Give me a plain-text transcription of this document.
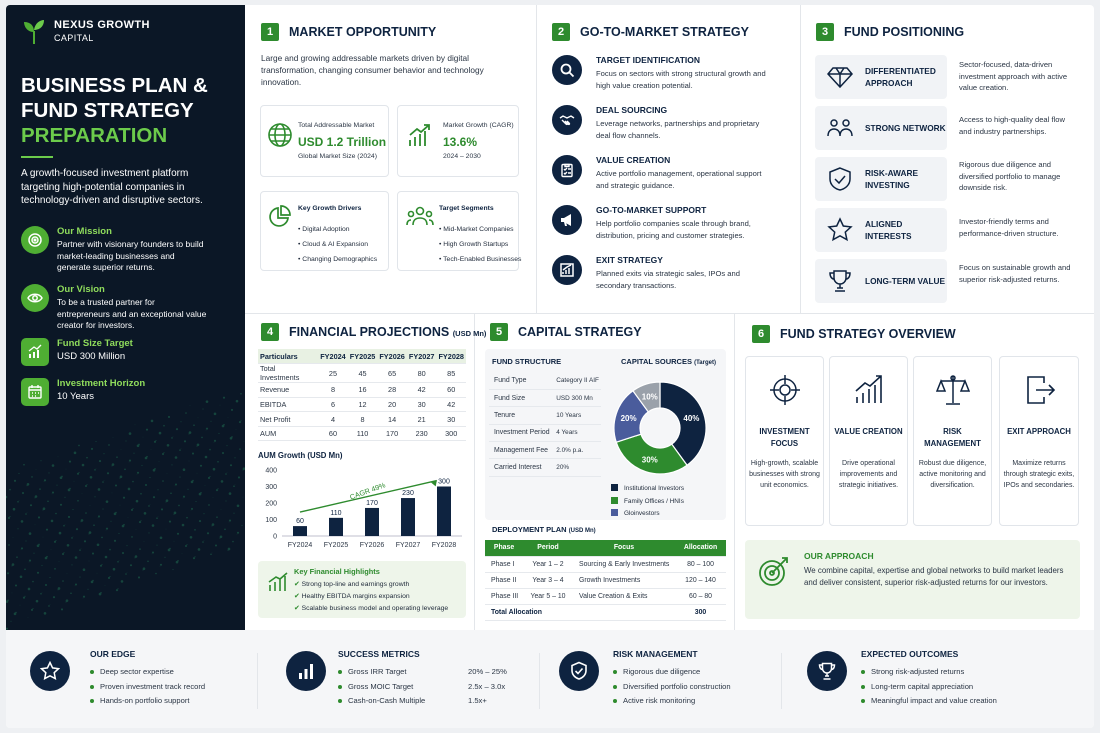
NEXUS GROWTH
CAPITAL
BUSINESS PLAN &
FUND STRATEGY
PREPARATION
A growth-focused investment platform targeting high-potential companies in technology-driven and disruptive sectors.
Our Mission
Partner with visionary founders to build market-leading businesses and generate superior returns.
Our Vision
To be a trusted partner for entrepreneurs and an exceptional value creator for investors.
Fund Size Target
USD 300 Million
Investment Horizon
10 Years
1	MARKET OPPORTUNITY
Large and growing addressable markets driven by digital transformation, changing consumer behavior and technology innovation.
Total Addressable Market
USD 1.2 Trillion
Global Market Size (2024)
Market Growth (CAGR)
13.6%
2024 – 2030
Key Growth Drivers
• Digital Adoption
• Cloud & AI Expansion
• Changing Demographics
Target Segments
• Mid-Market Companies
• High Growth Startups
• Tech-Enabled Businesses
2	GO-TO-MARKET STRATEGY
TARGET IDENTIFICATION
Focus on sectors with strong structural growth and high value creation potential.
DEAL SOURCING
Leverage networks, partnerships and proprietary deal flow channels.
VALUE CREATION
Active portfolio management, operational support and strategic guidance.
GO-TO-MARKET SUPPORT
Help portfolio companies scale through brand, distribution, pricing and customer strategies.
EXIT STRATEGY
Planned exits via strategic sales, IPOs and secondary transactions.
3	FUND POSITIONING
DIFFERENTIATED APPROACH
Sector-focused, data-driven investment approach with active value creation.
STRONG NETWORK
Access to high-quality deal flow and industry partnerships.
RISK-AWARE INVESTING
Rigorous due diligence and diversified portfolio to manage downside risk.
ALIGNED INTERESTS
Investor-friendly terms and performance-driven structure.
LONG-TERM VALUE
Focus on sustainable growth and superior risk-adjusted returns.
4	FINANCIAL PROJECTIONS (USD Mn)
Particulars	FY2024	FY2025	FY2026	FY2027	FY2028
Total Investments	25	45	65	80	85
Revenue	8	16	28	42	60
EBITDA	6	12	20	30	42
Net Profit	4	8	14	21	30
AUM	60	110	170	230	300
AUM Growth (USD Mn)
0
100
200
300
400
60
FY2024
110
FY2025
170
FY2026
230
FY2027
300
FY2028
CAGR 49%
Key Financial Highlights
✔ Strong top-line and earnings growth
✔ Healthy EBITDA margins expansion
✔ Scalable business model and operating leverage
5	CAPITAL STRATEGY
FUND STRUCTURE
Fund Type	Category II AIF
Fund Size	USD 300 Mn
Tenure	10 Years
Investment Period	4 Years
Management Fee	2.0% p.a.
Carried Interest	20%
CAPITAL SOURCES (Target)
40%
30%
20%
10%
Institutional Investors
Family Offices / HNIs
Gloinvestors
DEPLOYMENT PLAN (USD Mn)
Phase	Period	Focus	Allocation
Phase I	Year 1 – 2	Sourcing & Early Investments	80 – 100
Phase II	Year 3 – 4	Growth Investments	120 – 140
Phase III	Year 5 – 10	Value Creation & Exits	60 – 80
Total Allocation			300
6	FUND STRATEGY OVERVIEW
INVESTMENT FOCUS
High-growth, scalable businesses with strong unit economics.
VALUE CREATION
Drive operational improvements and strategic initiatives.
RISK MANAGEMENT
Robust due diligence, active monitoring and diversification.
EXIT APPROACH
Maximize returns through strategic exits, IPOs and secondaries.
OUR APPROACH
We combine capital, expertise and global networks to build market leaders and deliver consistent, superior risk-adjusted returns for our investors.
OUR EDGE
Deep sector expertise
Proven investment track record
Hands-on portfolio support
SUCCESS METRICS
Gross IRR Target	20% – 25%
Gross MOIC Target	2.5x – 3.0x
Cash-on-Cash Multiple	1.5x+
RISK MANAGEMENT
Rigorous due diligence
Diversified portfolio construction
Active risk monitoring
EXPECTED OUTCOMES
Strong risk-adjusted returns
Long-term capital appreciation
Meaningful impact and value creation
